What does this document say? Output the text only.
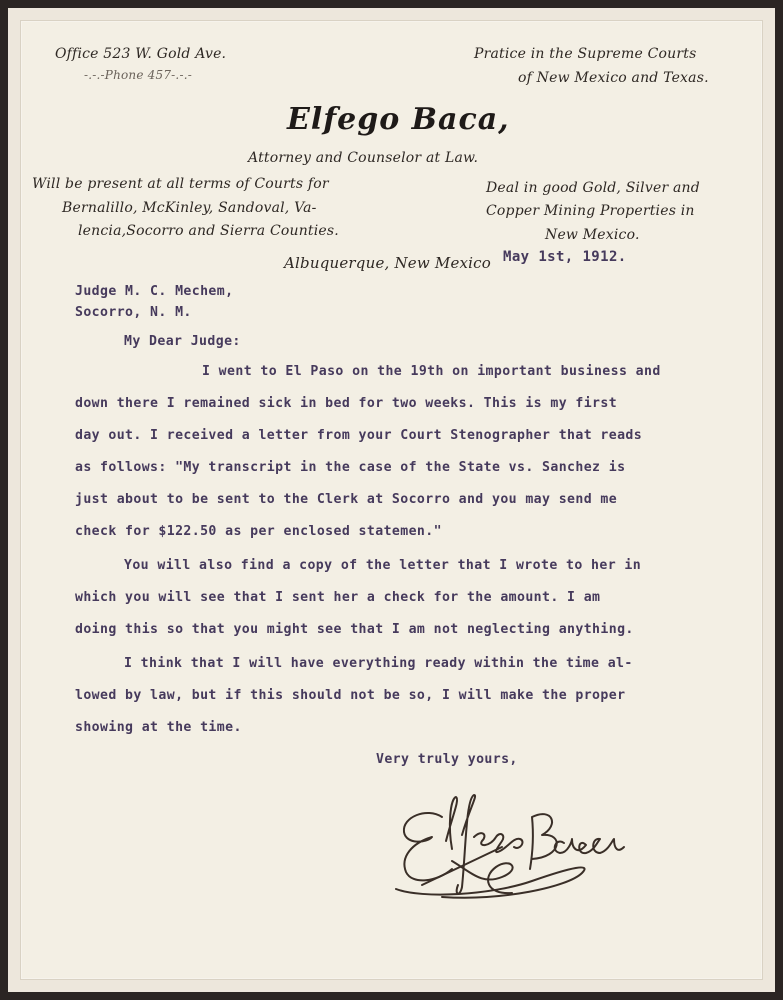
Office 523 W. Gold Ave.
-.-.-Phone 457-.-.-
Pratice in the Supreme Courts
of New Mexico and Texas.
Elfego Baca,
Attorney and Counselor at Law.
Will be present at all terms of Courts for
Bernalillo, McKinley, Sandoval, Va-
lencia,Socorro and Sierra Counties.
Deal in good Gold, Silver and
Copper Mining Properties in
New Mexico.
Albuquerque, New Mexico May 1st, 1912.
Judge M. C. Mechem,
Socorro, N. M.
My Dear Judge:
I went to El Paso on the 19th on important business and
down there I remained sick in bed for two weeks. This is my first
day out. I received a letter from your Court Stenographer that reads
as follows: "My transcript in the case of the State vs. Sanchez is
just about to be sent to the Clerk at Socorro and you may send me
check for $122.50 as per enclosed statemen."
You will also find a copy of the letter that I wrote to her in
which you will see that I sent her a check for the amount. I am
doing this so that you might see that I am not neglecting anything.
I think that I will have everything ready within the time al-
lowed by law, but if this should not be so, I will make the proper
showing at the time.
Very truly yours,
